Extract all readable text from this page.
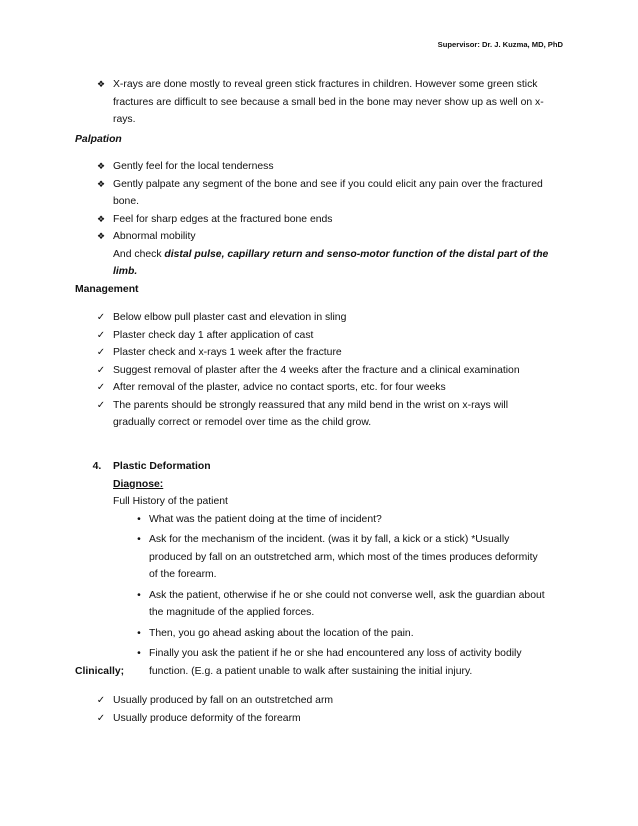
Supervisor: Dr. J. Kuzma, MD, PhD
❖ X-rays are done mostly to reveal green stick fractures in children. However some green stick fractures are difficult to see because a small bed in the bone may never show up as well on x-rays.
Palpation
❖ Gently feel for the local tenderness
❖ Gently palpate any segment of the bone and see if you could elicit any pain over the fractured bone.
❖ Feel for sharp edges at the fractured bone ends
❖ Abnormal mobility
And check distal pulse, capillary return and senso-motor function of the distal part of the limb.
Management
✓ Below elbow pull plaster cast and elevation in sling
✓ Plaster check day 1 after application of cast
✓ Plaster check and x-rays 1 week after the fracture
✓ Suggest removal of plaster after the 4 weeks after the fracture and a clinical examination
✓ After removal of the plaster, advice no contact sports, etc. for four weeks
✓ The parents should be strongly reassured that any mild bend in the wrist on x-rays will gradually correct or remodel over time as the child grow.
4. Plastic Deformation
Diagnose:
Full History of the patient
• What was the patient doing at the time of incident?
• Ask for the mechanism of the incident. (was it by fall, a kick or a stick) *Usually produced by fall on an outstretched arm, which most of the times produces deformity of the forearm.
• Ask the patient, otherwise if he or she could not converse well, ask the guardian about the magnitude of the applied forces.
• Then, you go ahead asking about the location of the pain.
• Finally you ask the patient if he or she had encountered any loss of activity bodily function. (E.g. a patient unable to walk after sustaining the initial injury.
Clinically;
✓ Usually produced by fall on an outstretched arm
✓ Usually produce deformity of the forearm
